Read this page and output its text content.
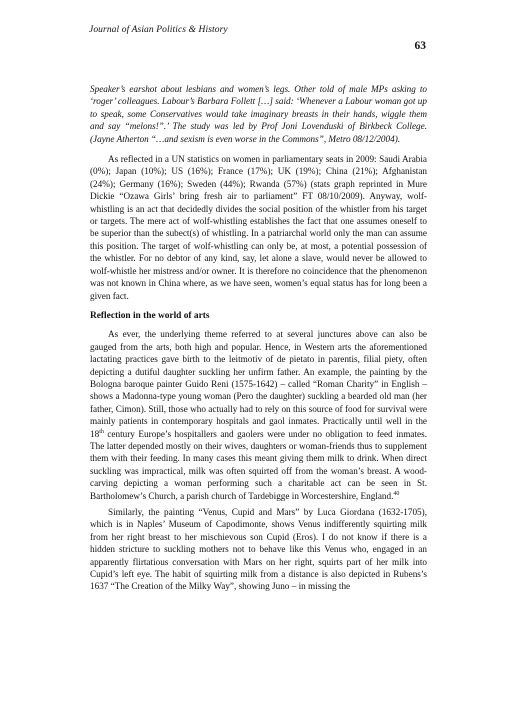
Journal of Asian Politics & History
63

Speaker’s earshot about lesbians and women’s legs. Other told of male MPs asking to ‘roger’ colleagues. Labour’s Barbara Follett […] said: ‘Whenever a Labour woman got up to speak, some Conservatives would take imaginary breasts in their hands, wiggle them and say “melons!”.’ The study was led by Prof Joni Lovenduski of Birkbeck College. (Jayne Atherton “…and sexism is even worse in the Commons”, Metro 08/12/2004).

As reflected in a UN statistics on women in parliamentary seats in 2009: Saudi Arabia (0%); Japan (10%); US (16%); France (17%); UK (19%); China (21%); Afghanistan (24%); Germany (16%); Sweden (44%); Rwanda (57%) (stats graph reprinted in Mure Dickie “Ozawa Girls’ bring fresh air to parliament” FT 08/10/2009). Anyway, wolf-whistling is an act that decidedly divides the social position of the whistler from his target or targets. The mere act of wolf-whistling establishes the fact that one assumes oneself to be superior than the subect(s) of whistling. In a patriarchal world only the man can assume this position. The target of wolf-whistling can only be, at most, a potential possession of the whistler. For no debtor of any kind, say, let alone a slave, would never be allowed to wolf-whistle her mistress and/or owner. It is therefore no coincidence that the phenomenon was not known in China where, as we have seen, women’s equal status has for long been a given fact.

Reflection in the world of arts

As ever, the underlying theme referred to at several junctures above can also be gauged from the arts, both high and popular. Hence, in Western arts the aforementioned lactating practices gave birth to the leitmotiv of de pietato in parentis, filial piety, often depicting a dutiful daughter suckling her unfirm father. An example, the painting by the Bologna baroque painter Guido Reni (1575-1642) – called “Roman Charity” in English – shows a Madonna-type young woman (Pero the daughter) suckling a bearded old man (her father, Cimon). Still, those who actually had to rely on this source of food for survival were mainly patients in contemporary hospitals and gaol inmates. Practically until well in the 18th century Europe’s hospitallers and gaolers were under no obligation to feed inmates. The latter depended mostly on their wives, daughters or woman-friends thus to supplement them with their feeding. In many cases this meant giving them milk to drink. When direct suckling was impractical, milk was often squirted off from the woman’s breast. A wood-carving depicting a woman performing such a charitable act can be seen in St. Bartholomew’s Church, a parish church of Tardebigge in Worcestershire, England.$^{40}$

Similarly, the painting “Venus, Cupid and Mars” by Luca Giordana (1632-1705), which is in Naples’ Museum of Capodimonte, shows Venus indifferently squirting milk from her right breast to her mischievous son Cupid (Eros). I do not know if there is a hidden stricture to suckling mothers not to behave like this Venus who, engaged in an apparently flirtatious conversation with Mars on her right, squirts part of her milk into Cupid’s left eye. The habit of squirting milk from a distance is also depicted in Rubens’s 1637 “The Creation of the Milky Way”, showing Juno – in missing the
